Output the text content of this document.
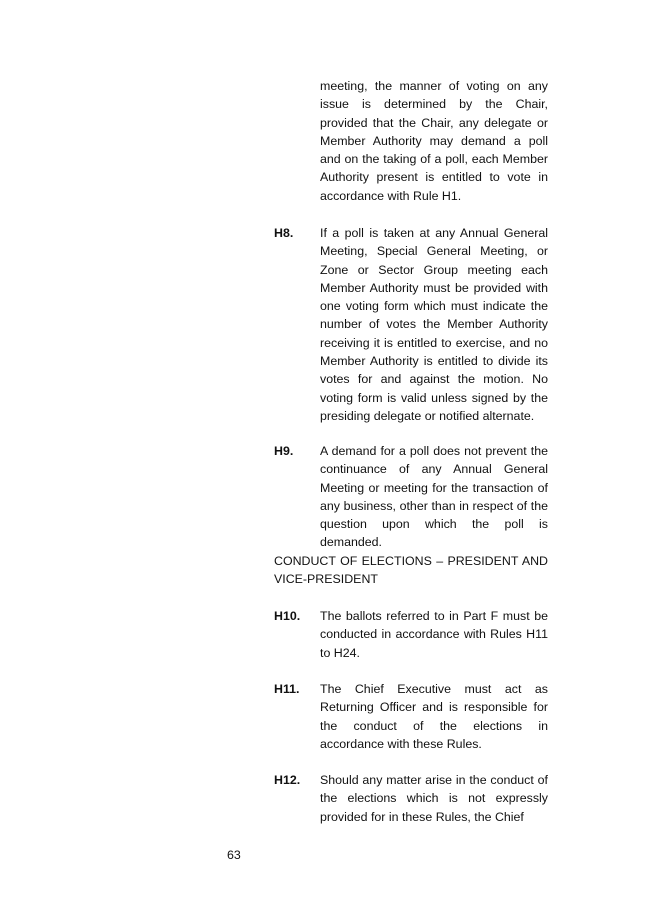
meeting, the manner of voting on any issue is determined by the Chair, provided that the Chair, any delegate or Member Authority may demand a poll and on the taking of a poll, each Member Authority present is entitled to vote in accordance with Rule H1.
H8. If a poll is taken at any Annual General Meeting, Special General Meeting, or Zone or Sector Group meeting each Member Authority must be provided with one voting form which must indicate the number of votes the Member Authority receiving it is entitled to exercise, and no Member Authority is entitled to divide its votes for and against the motion. No voting form is valid unless signed by the presiding delegate or notified alternate.
H9. A demand for a poll does not prevent the continuance of any Annual General Meeting or meeting for the transaction of any business, other than in respect of the question upon which the poll is demanded.
CONDUCT OF ELECTIONS – PRESIDENT AND VICE-PRESIDENT
H10. The ballots referred to in Part F must be conducted in accordance with Rules H11 to H24.
H11. The Chief Executive must act as Returning Officer and is responsible for the conduct of the elections in accordance with these Rules.
H12. Should any matter arise in the conduct of the elections which is not expressly provided for in these Rules, the Chief
63
